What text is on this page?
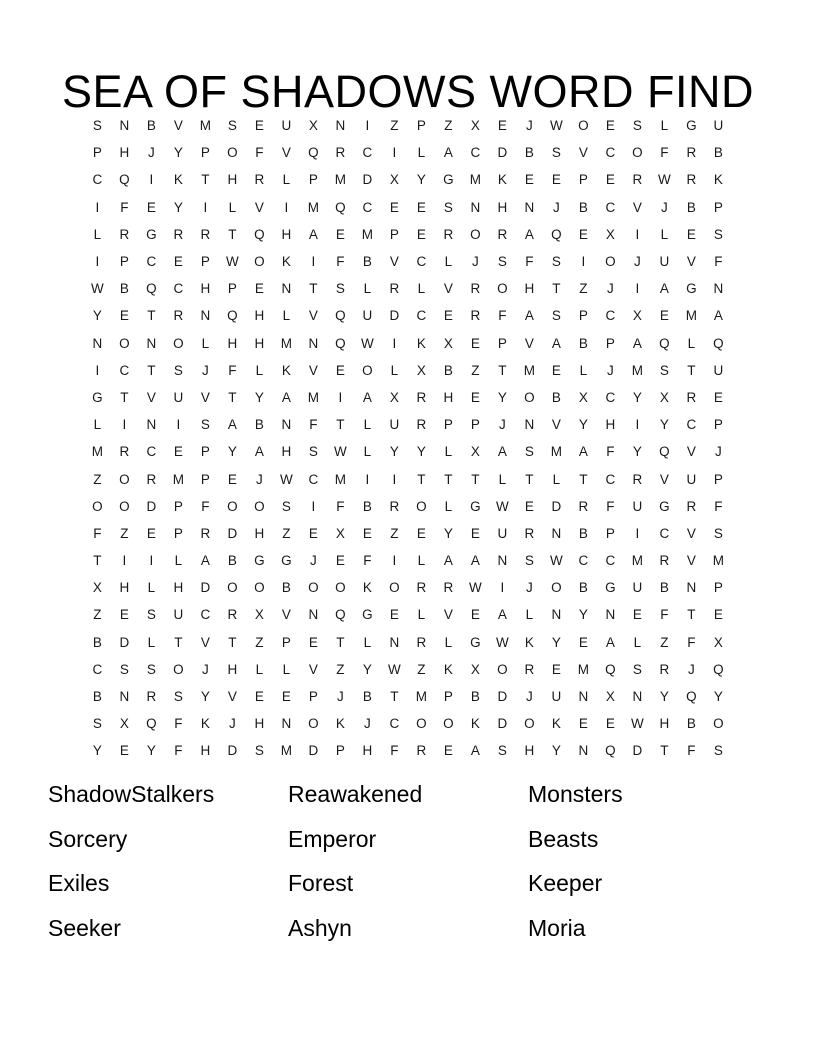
SEA OF SHADOWS WORD FIND
S	N	B	V	M	S	E	U	X	N	I	Z	P	Z	X	E	J	W	O	E	S	L	G	U
P	H	J	Y	P	O	F	V	Q	R	C	I	L	A	C	D	B	S	V	C	O	F	R	B
C	Q	I	K	T	H	R	L	P	M	D	X	Y	G	M	K	E	E	P	E	R	W	R	K
I	F	E	Y	I	L	V	I	M	Q	C	E	E	S	N	H	N	J	B	C	V	J	B	P
L	R	G	R	R	T	Q	H	A	E	M	P	E	R	O	R	A	Q	E	X	I	L	E	S
I	P	C	E	P	W	O	K	I	F	B	V	C	L	J	S	F	S	I	O	J	U	V	F
W	B	Q	C	H	P	E	N	T	S	L	R	L	V	R	O	H	T	Z	J	I	A	G	N
Y	E	T	R	N	Q	H	L	V	Q	U	D	C	E	R	F	A	S	P	C	X	E	M	A
N	O	N	O	L	H	H	M	N	Q	W	I	K	X	E	P	V	A	B	P	A	Q	L	Q
I	C	T	S	J	F	L	K	V	E	O	L	X	B	Z	T	M	E	L	J	M	S	T	U
G	T	V	U	V	T	Y	A	M	I	A	X	R	H	E	Y	O	B	X	C	Y	X	R	E
L	I	N	I	S	A	B	N	F	T	L	U	R	P	P	J	N	V	Y	H	I	Y	C	P
M	R	C	E	P	Y	A	H	S	W	L	Y	Y	L	X	A	S	M	A	F	Y	Q	V	J
Z	O	R	M	P	E	J	W	C	M	I	I	T	T	T	L	T	L	T	C	R	V	U	P
O	O	D	P	F	O	O	S	I	F	B	R	O	L	G	W	E	D	R	F	U	G	R	F
F	Z	E	P	R	D	H	Z	E	X	E	Z	E	Y	E	U	R	N	B	P	I	C	V	S
T	I	I	L	A	B	G	G	J	E	F	I	L	A	A	N	S	W	C	C	M	R	V	M
X	H	L	H	D	O	O	B	O	O	K	O	R	R	W	I	J	O	B	G	U	B	N	P
Z	E	S	U	C	R	X	V	N	Q	G	E	L	V	E	A	L	N	Y	N	E	F	T	E
B	D	L	T	V	T	Z	P	E	T	L	N	R	L	G	W	K	Y	E	A	L	Z	F	X
C	S	S	O	J	H	L	L	V	Z	Y	W	Z	K	X	O	R	E	M	Q	S	R	J	Q
B	N	R	S	Y	V	E	E	P	J	B	T	M	P	B	D	J	U	N	X	N	Y	Q	Y
S	X	Q	F	K	J	H	N	O	K	J	C	O	O	K	D	O	K	E	E	W	H	B	O
Y	E	Y	F	H	D	S	M	D	P	H	F	R	E	A	S	H	Y	N	Q	D	T	F	S
ShadowStalkers
Sorcery
Exiles
Seeker
Reawakened
Emperor
Forest
Ashyn
Monsters
Beasts
Keeper
Moria
